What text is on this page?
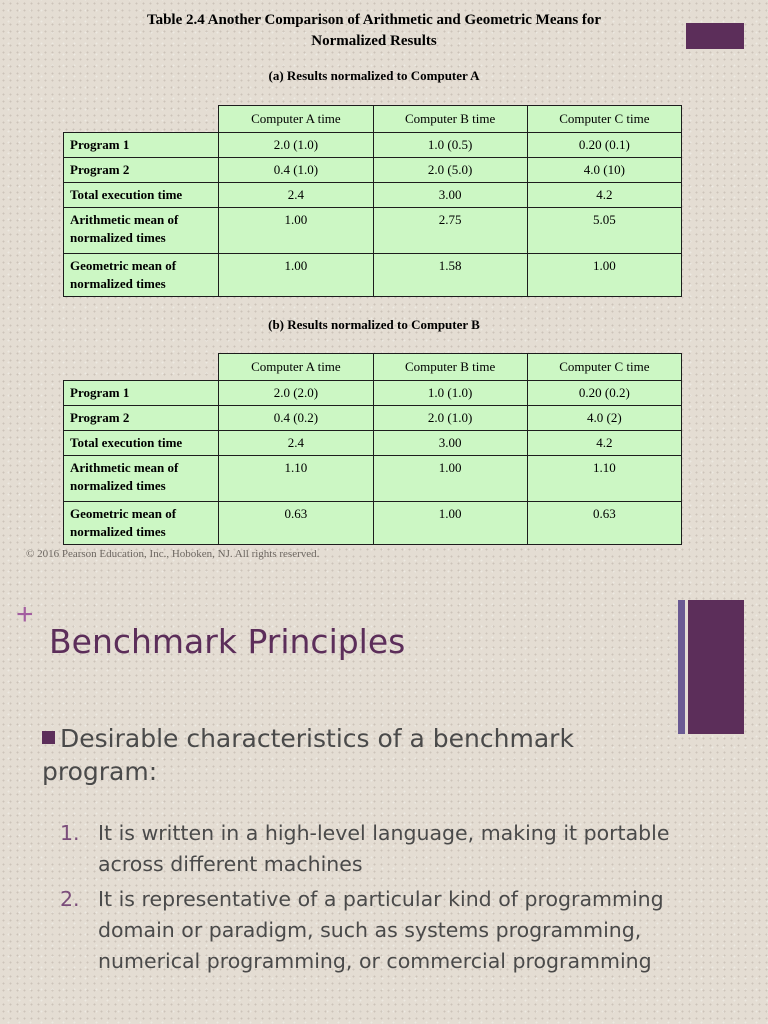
Table 2.4 Another Comparison of Arithmetic and Geometric Means for
Normalized Results
(a) Results normalized to Computer A
	Computer A time	Computer B time	Computer C time
Program 1	2.0 (1.0)	1.0 (0.5)	0.20 (0.1)
Program 2	0.4 (1.0)	2.0 (5.0)	4.0 (10)
Total execution time	2.4	3.00	4.2
Arithmetic mean of normalized times	1.00	2.75	5.05
Geometric mean of normalized times	1.00	1.58	1.00
(b) Results normalized to Computer B
	Computer A time	Computer B time	Computer C time
Program 1	2.0 (2.0)	1.0 (1.0)	0.20 (0.2)
Program 2	0.4 (0.2)	2.0 (1.0)	4.0 (2)
Total execution time	2.4	3.00	4.2
Arithmetic mean of normalized times	1.10	1.00	1.10
Geometric mean of normalized times	0.63	1.00	0.63
© 2016 Pearson Education, Inc., Hoboken, NJ. All rights reserved.
+
Benchmark Principles
Desirable characteristics of a benchmark program:
1. It is written in a high-level language, making it portable across different machines
2. It is representative of a particular kind of programming domain or paradigm, such as systems programming, numerical programming, or commercial programming
